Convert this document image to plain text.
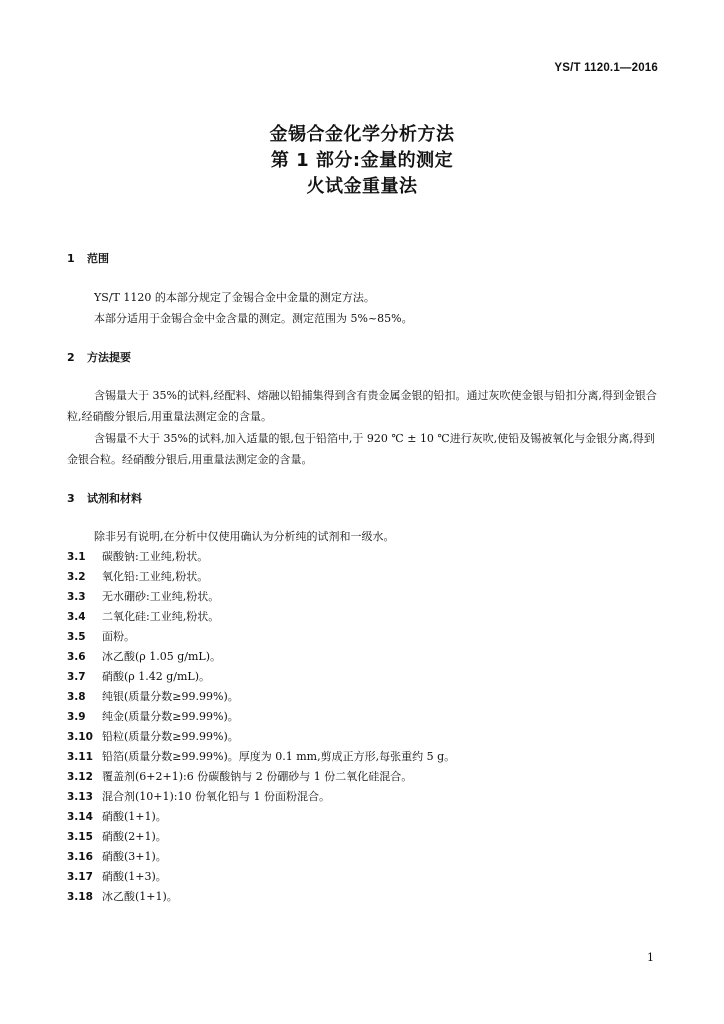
YS/T 1120.1—2016
金锡合金化学分析方法
第 1 部分:金量的测定
火试金重量法
1 范围
YS/T 1120 的本部分规定了金锡合金中金量的测定方法。
本部分适用于金锡合金中金含量的测定。测定范围为 5%~85%。
2 方法提要
含锡量大于 35%的试料,经配料、熔融以铅捕集得到含有贵金属金银的铅扣。通过灰吹使金银与铅扣分离,得到金银合粒,经硝酸分银后,用重量法测定金的含量。
含锡量不大于 35%的试料,加入适量的银,包于铅箔中,于 920 ℃ ± 10 ℃进行灰吹,使铅及锡被氧化与金银分离,得到金银合粒。经硝酸分银后,用重量法测定金的含量。
3 试剂和材料
除非另有说明,在分析中仅使用确认为分析纯的试剂和一级水。
3.1 碳酸钠:工业纯,粉状。
3.2 氧化铅:工业纯,粉状。
3.3 无水硼砂:工业纯,粉状。
3.4 二氧化硅:工业纯,粉状。
3.5 面粉。
3.6 冰乙酸(ρ 1.05 g/mL)。
3.7 硝酸(ρ 1.42 g/mL)。
3.8 纯银(质量分数≥99.99%)。
3.9 纯金(质量分数≥99.99%)。
3.10 铅粒(质量分数≥99.99%)。
3.11 铅箔(质量分数≥99.99%)。厚度为 0.1 mm,剪成正方形,每张重约 5 g。
3.12 覆盖剂(6+2+1):6 份碳酸钠与 2 份硼砂与 1 份二氧化硅混合。
3.13 混合剂(10+1):10 份氧化铅与 1 份面粉混合。
3.14 硝酸(1+1)。
3.15 硝酸(2+1)。
3.16 硝酸(3+1)。
3.17 硝酸(1+3)。
3.18 冰乙酸(1+1)。
1
